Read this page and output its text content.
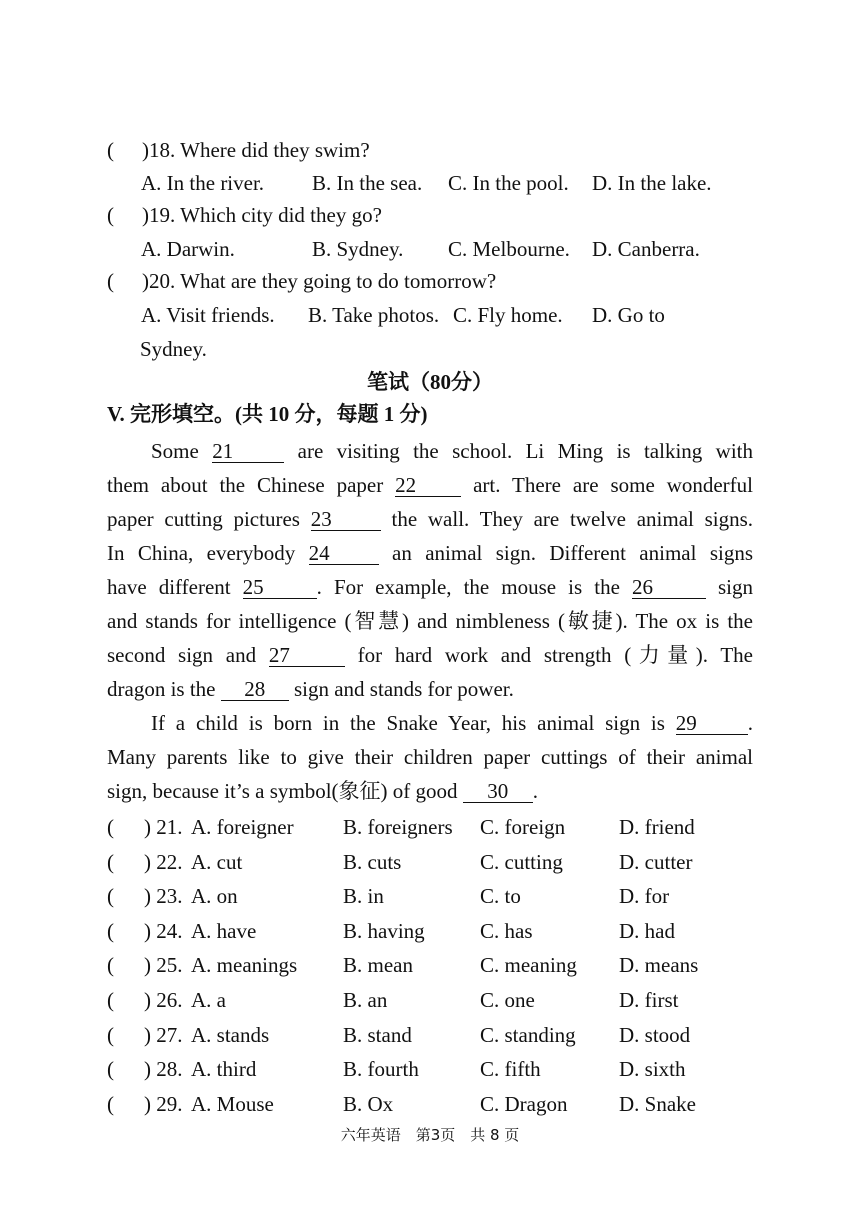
( )18. Where did they swim?
A. In the river. B. In the sea. C. In the pool. D. In the lake.
( )19. Which city did they go?
A. Darwin.	B. Sydney. C. Melbourne. D. Canberra.
( )20. What are they going to do tomorrow?
A. Visit friends. B. Take photos. C. Fly home. D. Go to
Sydney.
笔试（80分）
V. 完形填空。(共 10 分，每题 1 分)
Some 21	are visiting the school. Li Ming is talking with
them about the Chinese paper 22	art. There are some wonderful
paper cutting pictures 23	the wall. They are twelve animal signs.
In China, everybody 24	an animal sign. Different animal signs
have different 25	. For example, the mouse is the 26	sign
and stands for intelligence (智慧) and nimbleness (敏捷). The ox is the
second sign and 27	for hard work and strength (力量). The
dragon is the 28 sign and stands for power.
If a child is born in the Snake Year, his animal sign is 29 .
Many parents like to give their children paper cuttings of their animal
sign, because it’s a symbol(象征) of good 30 .
( ) 21. A. foreigner B. foreigners C. foreign	D. friend
( ) 22. A. cut	B. cuts	C. cutting	D. cutter
( ) 23. A. on	B. in	C. to	D. for
( ) 24. A. have	B. having	C. has	D. had
( ) 25. A. meanings B. mean	C. meaning D. means
( ) 26. A. a	B. an	C. one	D. first
( ) 27. A. stands	B. stand	C. standing D. stood
( ) 28. A. third	B. fourth	C. fifth	D. sixth
( ) 29. A. Mouse	B. Ox	C. Dragon D. Snake
六年英语　第3页　共 8 页
